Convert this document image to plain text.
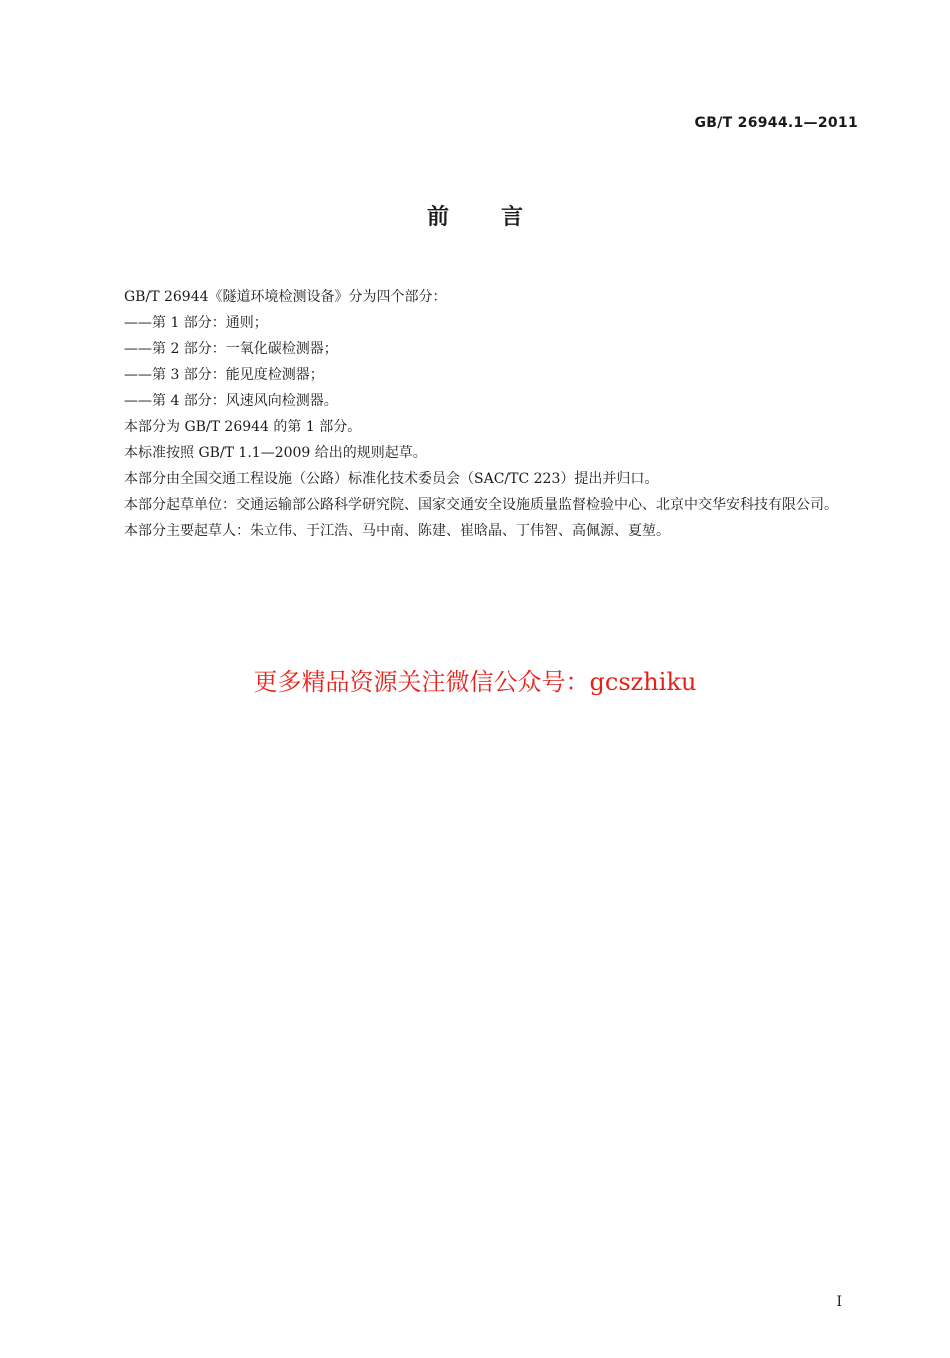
GB/T 26944.1—2011
前言

GB/T 26944《隧道环境检测设备》分为四个部分：

——第 1 部分：通则；

——第 2 部分：一氧化碳检测器；

——第 3 部分：能见度检测器；

——第 4 部分：风速风向检测器。

本部分为 GB/T 26944 的第 1 部分。

本标准按照 GB/T 1.1—2009 给出的规则起草。

本部分由全国交通工程设施（公路）标准化技术委员会（SAC/TC 223）提出并归口。

本部分起草单位：交通运输部公路科学研究院、国家交通安全设施质量监督检验中心、北京中交华安科技有限公司。

本部分主要起草人：朱立伟、于江浩、马中南、陈建、崔晗晶、丁伟智、高佩源、夏堃。

更多精品资源关注微信公众号：gcszhiku
I
